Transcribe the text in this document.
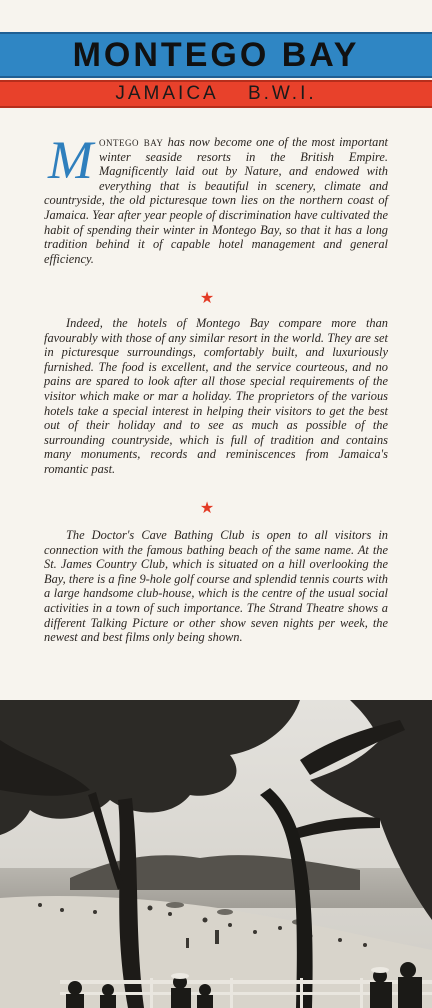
MONTEGO BAY
JAMAICA B.W.I.
Montego bay has now become one of the most important winter seaside resorts in the British Empire. Magnificently laid out by Nature, and endowed with everything that is beautiful in scenery, climate and countryside, the old picturesque town lies on the northern coast of Jamaica. Year after year people of discrimination have cultivated the habit of spending their winter in Montego Bay, so that it has a long tradition behind it of capable hotel management and general efficiency.
★
Indeed, the hotels of Montego Bay compare more than favourably with those of any similar resort in the world. They are set in picturesque surroundings, comfortably built, and luxuriously furnished. The food is excellent, and the service courteous, and no pains are spared to look after all those special requirements of the visitor which make or mar a holiday. The proprietors of the various hotels take a special interest in helping their visitors to get the best out of their holiday and to see as much as possible of the surrounding countryside, which is full of tradition and contains many monuments, records and reminiscences from Jamaica's romantic past.
★
The Doctor's Cave Bathing Club is open to all visitors in connection with the famous bathing beach of the same name. At the St. James Country Club, which is situated on a hill overlooking the Bay, there is a fine 9-hole golf course and splendid tennis courts with a large handsome club-house, which is the centre of the usual social activities in a town of such importance. The Strand Theatre shows a different Talking Picture or other show seven nights per week, the newest and best films only being shown.
